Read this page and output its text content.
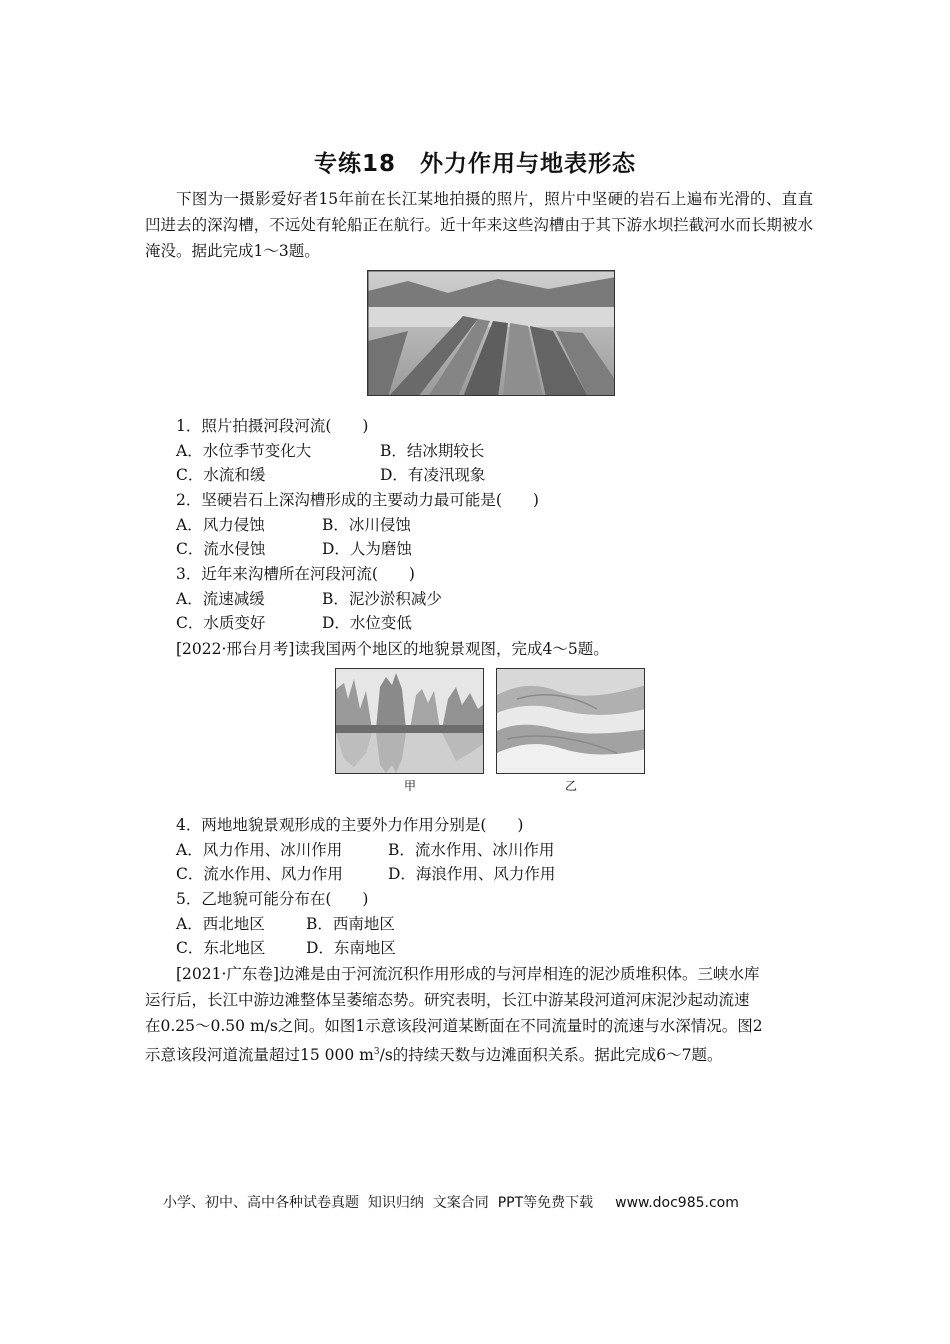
专练18　外力作用与地表形态
下图为一摄影爱好者15年前在长江某地拍摄的照片，照片中坚硬的岩石上遍布光滑的、直直凹进去的深沟槽，不远处有轮船正在航行。近十年来这些沟槽由于其下游水坝拦截河水而长期被水淹没。据此完成1～3题。
1．照片拍摄河段河流(　　)
A．水位季节变化大	B．结冰期较长
C．水流和缓	D．有凌汛现象
2．坚硬岩石上深沟槽形成的主要动力最可能是(　　)
A．风力侵蚀	B．冰川侵蚀
C．流水侵蚀	D．人为磨蚀
3．近年来沟槽所在河段河流(　　)
A．流速减缓	B．泥沙淤积减少
C．水质变好	D．水位变低
[2022·邢台月考]读我国两个地区的地貌景观图，完成4～5题。
甲	乙
4．两地地貌景观形成的主要外力作用分别是(　　)
A．风力作用、冰川作用	B．流水作用、冰川作用
C．流水作用、风力作用	D．海浪作用、风力作用
5．乙地貌可能分布在(　　)
A．西北地区	B．西南地区
C．东北地区	D．东南地区
[2021·广东卷]边滩是由于河流沉积作用形成的与河岸相连的泥沙质堆积体。三峡水库
运行后，长江中游边滩整体呈萎缩态势。研究表明，长江中游某段河道河床泥沙起动流速
在0.25～0.50 m/s之间。如图1示意该段河道某断面在不同流量时的流速与水深情况。图2
示意该段河道流量超过15 000 $m^3/s$的持续天数与边滩面积关系。据此完成6～7题。
小学、初中、高中各种试卷真题  知识归纳  文案合同  PPT等免费下载 www.doc985.com
